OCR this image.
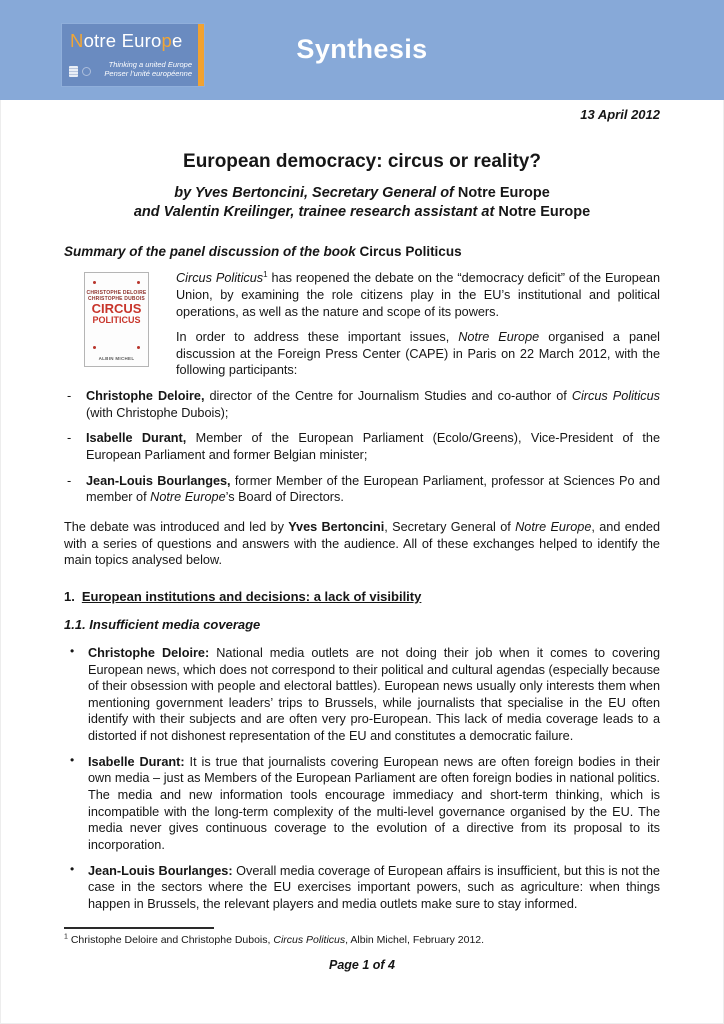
Notre Europe
Thinking a united Europe
Penser l’unité européenne
Synthesis
13 April 2012
European democracy: circus or reality?
by Yves Bertoncini, Secretary General of Notre Europe
and Valentin Kreilinger, trainee research assistant at Notre Europe
Summary of the panel discussion of the book Circus Politicus
CHRISTOPHE DELOIRE
CHRISTOPHE DUBOIS
CIRCUS
POLITICUS
ALBIN MICHEL
Circus Politicus$^1$ has reopened the debate on the “democracy deficit” of the European Union, by examining the role citizens play in the EU’s institutional and political operations, as well as the nature and scope of its powers.
In order to address these important issues, Notre Europe organised a panel discussion at the Foreign Press Center (CAPE) in Paris on 22 March 2012, with the following participants:
- Christophe Deloire, director of the Centre for Journalism Studies and co-author of Circus Politicus (with Christophe Dubois);
- Isabelle Durant, Member of the European Parliament (Ecolo/Greens), Vice-President of the European Parliament and former Belgian minister;
- Jean-Louis Bourlanges, former Member of the European Parliament, professor at Sciences Po and member of Notre Europe’s Board of Directors.
The debate was introduced and led by Yves Bertoncini, Secretary General of Notre Europe, and ended with a series of questions and answers with the audience. All of these exchanges helped to identify the main topics analysed below.
1. European institutions and decisions: a lack of visibility
1.1. Insufficient media coverage
• Christophe Deloire: National media outlets are not doing their job when it comes to covering European news, which does not correspond to their political and cultural agendas (especially because of their obsession with people and electoral battles). European news usually only interests them when mentioning government leaders’ trips to Brussels, while journalists that specialise in the EU often identify with their subjects and are often very pro-European. This lack of media coverage leads to a distorted if not dishonest representation of the EU and constitutes a democratic failure.
• Isabelle Durant: It is true that journalists covering European news are often foreign bodies in their own media – just as Members of the European Parliament are often foreign bodies in national politics. The media and new information tools encourage immediacy and short-term thinking, which is incompatible with the long-term complexity of the multi-level governance organised by the EU. The media never gives continuous coverage to the evolution of a directive from its proposal to its incorporation.
• Jean-Louis Bourlanges: Overall media coverage of European affairs is insufficient, but this is not the case in the sectors where the EU exercises important powers, such as agriculture: when things happen in Brussels, the relevant players and media outlets make sure to stay informed.
$^1$ Christophe Deloire and Christophe Dubois, Circus Politicus, Albin Michel, February 2012.
Page 1 of 4
